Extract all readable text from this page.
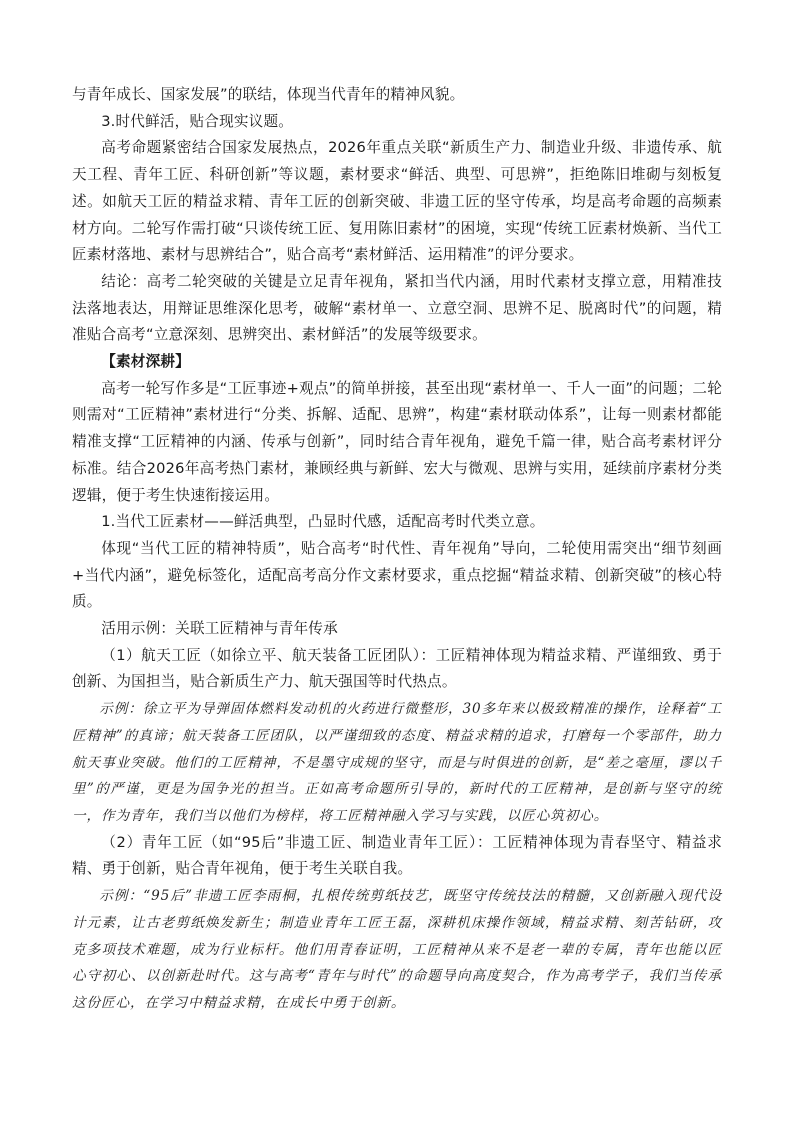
与青年成长、国家发展”的联结，体现当代青年的精神风貌。

3.时代鲜活，贴合现实议题。

高考命题紧密结合国家发展热点，2026年重点关联“新质生产力、制造业升级、非遗传承、航天工程、青年工匠、科研创新”等议题，素材要求“鲜活、典型、可思辨”，拒绝陈旧堆砌与刻板复述。如航天工匠的精益求精、青年工匠的创新突破、非遗工匠的坚守传承，均是高考命题的高频素材方向。二轮写作需打破“只谈传统工匠、复用陈旧素材”的困境，实现“传统工匠素材焕新、当代工匠素材落地、素材与思辨结合”，贴合高考“素材鲜活、运用精准”的评分要求。

结论：高考二轮突破的关键是立足青年视角，紧扣当代内涵，用时代素材支撑立意，用精准技法落地表达，用辩证思维深化思考，破解“素材单一、立意空洞、思辨不足、脱离时代”的问题，精准贴合高考“立意深刻、思辨突出、素材鲜活”的发展等级要求。

【素材深耕】

高考一轮写作多是“工匠事迹+观点”的简单拼接，甚至出现“素材单一、千人一面”的问题；二轮则需对“工匠精神”素材进行“分类、拆解、适配、思辨”，构建“素材联动体系”，让每一则素材都能精准支撑“工匠精神的内涵、传承与创新”，同时结合青年视角，避免千篇一律，贴合高考素材评分标准。结合2026年高考热门素材，兼顾经典与新鲜、宏大与微观、思辨与实用，延续前序素材分类逻辑，便于考生快速衔接运用。

1.当代工匠素材——鲜活典型，凸显时代感，适配高考时代类立意。

体现“当代工匠的精神特质”，贴合高考“时代性、青年视角”导向，二轮使用需突出“细节刻画+当代内涵”，避免标签化，适配高考高分作文素材要求，重点挖掘“精益求精、创新突破”的核心特质。

活用示例：关联工匠精神与青年传承

（1）航天工匠（如徐立平、航天装备工匠团队）：工匠精神体现为精益求精、严谨细致、勇于创新、为国担当，贴合新质生产力、航天强国等时代热点。

示例：徐立平为导弹固体燃料发动机的火药进行微整形，30多年来以极致精准的操作，诠释着“工匠精神”的真谛；航天装备工匠团队，以严谨细致的态度、精益求精的追求，打磨每一个零部件，助力航天事业突破。他们的工匠精神，不是墨守成规的坚守，而是与时俱进的创新，是“差之毫厘，谬以千里”的严谨，更是为国争光的担当。正如高考命题所引导的，新时代的工匠精神，是创新与坚守的统一，作为青年，我们当以他们为榜样，将工匠精神融入学习与实践，以匠心筑初心。

（2）青年工匠（如“95后”非遗工匠、制造业青年工匠）：工匠精神体现为青春坚守、精益求精、勇于创新，贴合青年视角，便于考生关联自我。

示例：“95后”非遗工匠李雨桐，扎根传统剪纸技艺，既坚守传统技法的精髓，又创新融入现代设计元素，让古老剪纸焕发新生；制造业青年工匠王磊，深耕机床操作领域，精益求精、刻苦钻研，攻克多项技术难题，成为行业标杆。他们用青春证明，工匠精神从来不是老一辈的专属，青年也能以匠心守初心、以创新赴时代。这与高考“青年与时代”的命题导向高度契合，作为高考学子，我们当传承这份匠心，在学习中精益求精，在成长中勇于创新。
